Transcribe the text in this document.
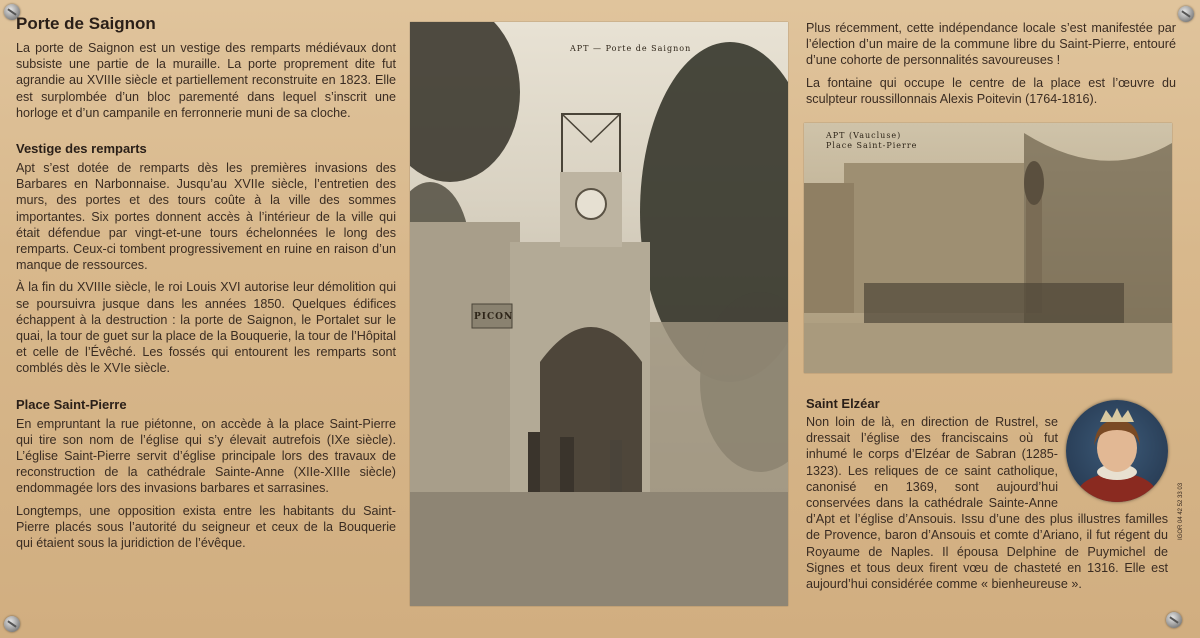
Porte de Saignon

La porte de Saignon est un vestige des remparts médiévaux dont subsiste une partie de la muraille. La porte proprement dite fut agrandie au XVIIIe siècle et partiellement reconstruite en 1823. Elle est surplombée d’un bloc parementé dans lequel s’inscrit une horloge et d’un campanile en ferronnerie muni de sa cloche.

Vestige des remparts

Apt s’est dotée de remparts dès les premières invasions des Barbares en Narbonnaise. Jusqu’au XVIIe siècle, l’entretien des murs, des portes et des tours coûte à la ville des sommes importantes. Six portes donnent accès à l’intérieur de la ville qui était défendue par vingt-et-une tours échelonnées le long des remparts. Ceux-ci tombent progressivement en ruine en raison d’un manque de ressources.

À la fin du XVIIIe siècle, le roi Louis XVI autorise leur démolition qui se poursuivra jusque dans les années 1850. Quelques édifices échappent à la destruction : la porte de Saignon, le Portalet sur le quai, la tour de guet sur la place de la Bouquerie, la tour de l’Hôpital et celle de l’Évêché. Les fossés qui entourent les remparts sont comblés dès le XVIe siècle.

Place Saint-Pierre

En empruntant la rue piétonne, on accède à la place Saint-Pierre qui tire son nom de l’église qui s’y élevait autrefois (IXe siècle). L’église Saint-Pierre servit d’église principale lors des travaux de reconstruction de la cathédrale Sainte-Anne (XIIe-XIIIe siècle) endommagée lors des invasions barbares et sarrasines.

Longtemps, une opposition exista entre les habitants du Saint-Pierre placés sous l’autorité du seigneur et ceux de la Bouquerie qui étaient sous la juridiction de l’évêque.

APT — Porte de Saignon
PICON

Plus récemment, cette indépendance locale s’est manifestée par l’élection d’un maire de la commune libre du Saint-Pierre, entouré d’une cohorte de personnalités savoureuses !

La fontaine qui occupe le centre de la place est l’œuvre du sculpteur roussillonnais Alexis Poitevin (1764-1816).

APT (Vaucluse)
Place Saint-Pierre
Saint Elzéar

Non loin de là, en direction de Rustrel, se dressait l’église des franciscains où fut inhumé le corps d’Elzéar de Sabran (1285-1323). Les reliques de ce saint catholique, canonisé en 1369, sont aujourd’hui conservées dans la cathédrale Sainte-Anne d’Apt et l’église d’Ansouis. Issu d’une des plus illustres familles de Provence, baron d’Ansouis et comte d’Ariano, il fut régent du Royaume de Naples. Il épousa Delphine de Puymichel de Signes et tous deux firent vœu de chasteté en 1316. Elle est aujourd’hui considérée comme « bienheureuse ».

IGOR 04 42 52 33 03
